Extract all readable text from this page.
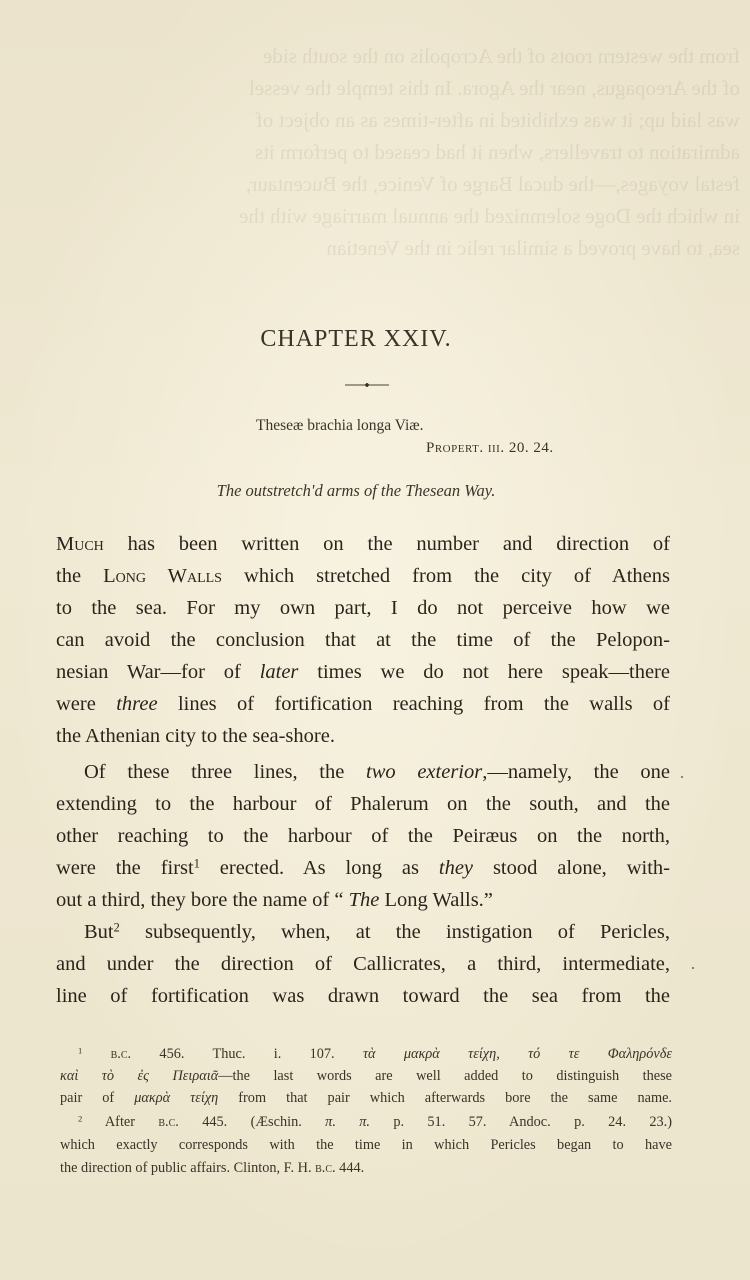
from the western roots of the Acropolis on the south side
of the Areopagus, near the Agora. In this temple the vessel
was laid up; it was exhibited in after-times as an object of
admiration to travellers, when it had ceased to perform its
festal voyages,—the ducal Barge of Venice, the Bucentaur,
in which the Doge solemnized the annual marriage with the
sea, to have proved a similar relic in the Venetian
CHAPTER XXIV.
Theseæ brachia longa Viæ.
Propert. iii. 20. 24.
The outstretch'd arms of the Thesean Way.
Much has been written on the number and direction of
the Long Walls which stretched from the city of Athens
to the sea. For my own part, I do not perceive how we
can avoid the conclusion that at the time of the Pelopon-
nesian War—for of later times we do not here speak—there
were three lines of fortification reaching from the walls of
the Athenian city to the sea-shore.
Of these three lines, the two exterior,—namely, the one
extending to the harbour of Phalerum on the south, and the
other reaching to the harbour of the Peiræus on the north,
were the first$^1$ erected. As long as they stood alone, with-
out a third, they bore the name of “ The Long Walls.”
But$^2$ subsequently, when, at the instigation of Pericles,
and under the direction of Callicrates, a third, intermediate,
line of fortification was drawn toward the sea from the
$^1$ b.c. 456. Thuc. i. 107. τὰ μακρὰ τείχη, τό τε Φαληρόνδε
καὶ τὸ ἐς Πειραιᾶ—the last words are well added to distinguish these
pair of μακρὰ τείχη from that pair which afterwards bore the same name.
$^2$ After b.c. 445. (Æschin. π. π. p. 51. 57. Andoc. p. 24. 23.)
which exactly corresponds with the time in which Pericles began to have
the direction of public affairs. Clinton, F. H. b.c. 444.
